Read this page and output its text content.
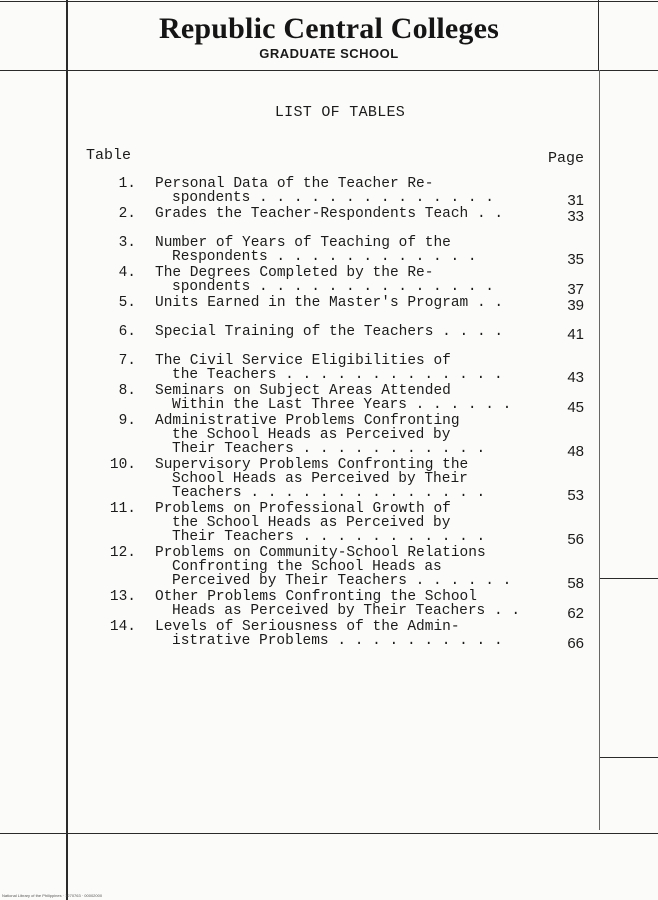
Republic Central Colleges
GRADUATE SCHOOL
LIST OF TABLES
Table	Page
1. Personal Data of the Teacher Re-
spondents . . . . . . . . . . . . . .	31
2. Grades the Teacher-Respondents Teach . .	33
3. Number of Years of Teaching of the
Respondents . . . . . . . . . . . .	35
4. The Degrees Completed by the Re-
spondents . . . . . . . . . . . . . .	37
5. Units Earned in the Master's Program . .	39
6. Special Training of the Teachers . . . .	41
7. The Civil Service Eligibilities of
the Teachers . . . . . . . . . . . . .	43
8. Seminars on Subject Areas Attended
Within the Last Three Years . . . . . .	45
9. Administrative Problems Confronting
the School Heads as Perceived by
Their Teachers . . . . . . . . . . .	48
10. Supervisory Problems Confronting the
School Heads as Perceived by Their
Teachers . . . . . . . . . . . . . .	53
11. Problems on Professional Growth of
the School Heads as Perceived by
Their Teachers . . . . . . . . . . .	56
12. Problems on Community-School Relations
Confronting the School Heads as
Perceived by Their Teachers . . . . . .	58
13. Other Problems Confronting the School
Heads as Perceived by Their Teachers . .	62
14. Levels of Seriousness of the Admin-
istrative Problems . . . . . . . . . .	66
National Library of the Philippines · 1270763 · 00002000
